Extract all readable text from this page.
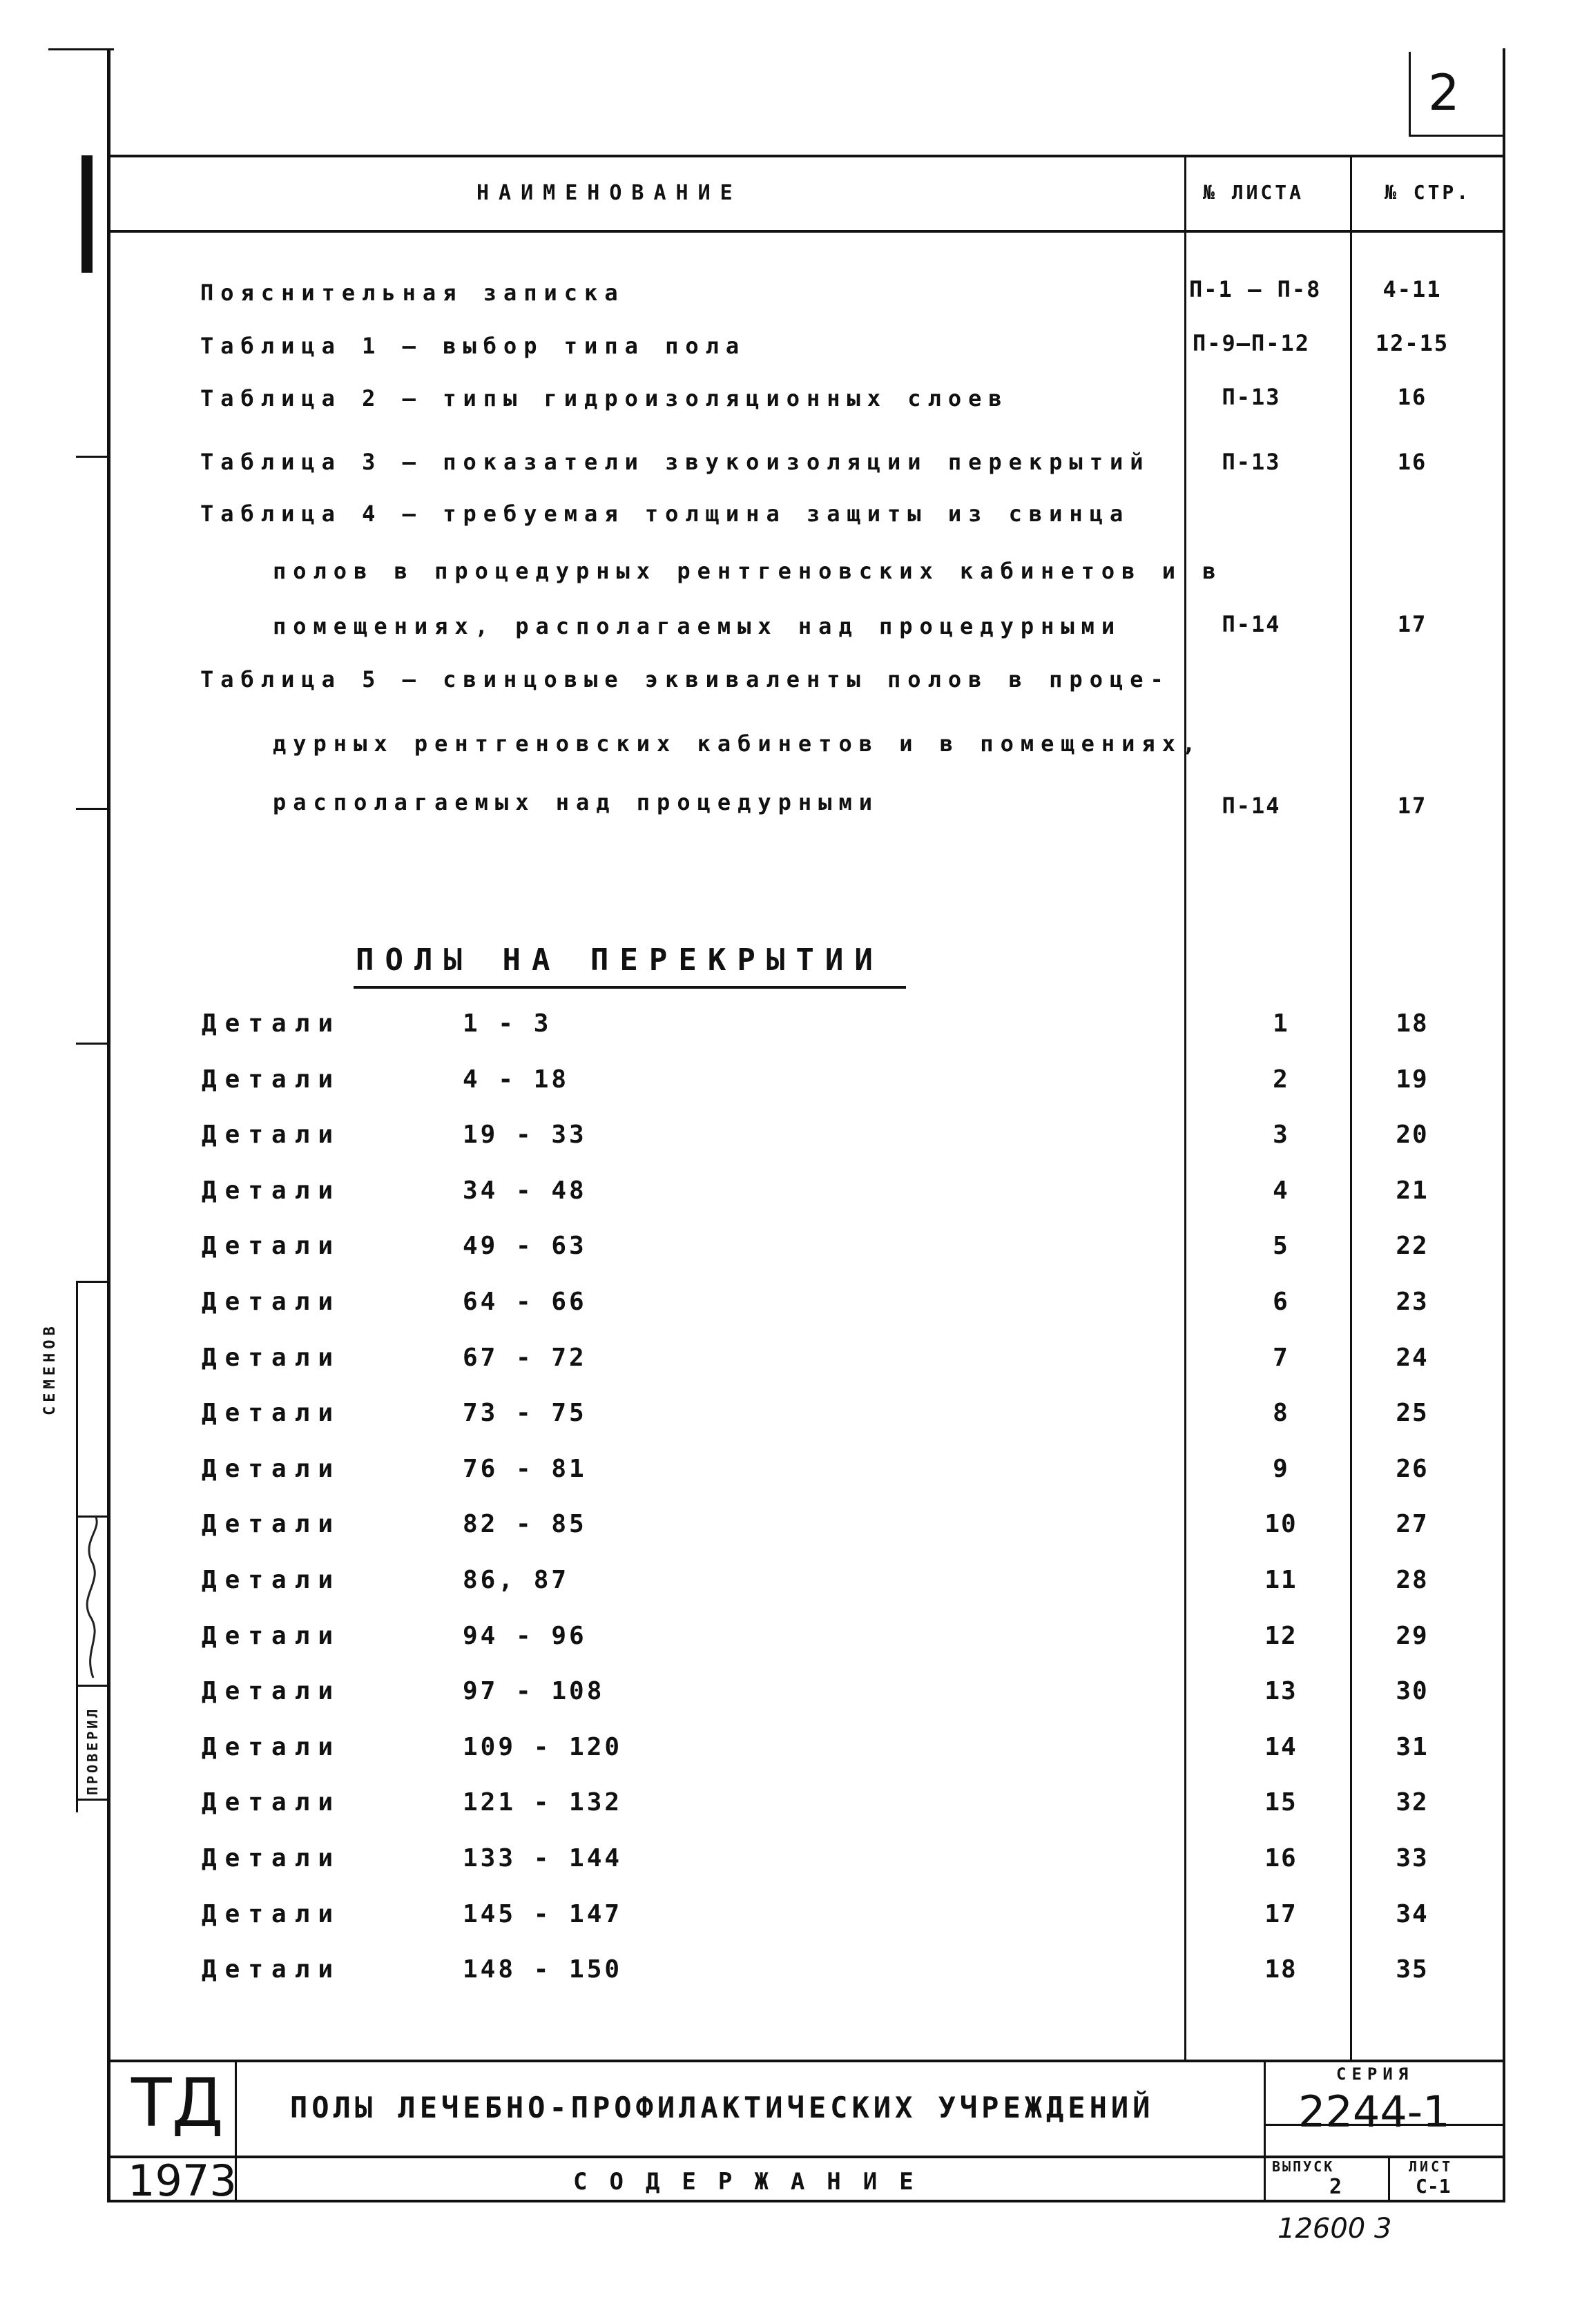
2
СЕМЕНОВ
ПРОВЕРИЛ
НАИМЕНОВАНИЕ	№ ЛИСТА	№ СТР.
Пояснительная записка	П-1 – П-8	4-11
Таблица 1 – выбор типа пола	П-9–П-12	12-15
Таблица 2 – типы гидроизоляционных слоев	П-13	16
Таблица 3 – показатели звукоизоляции перекрытий	П-13	16
Таблица 4 – требуемая толщина защиты из свинца
полов в процедурных рентгеновских кабинетов и в
помещениях, располагаемых над процедурными	П-14	17
Таблица 5 – свинцовые эквиваленты полов в проце-
дурных рентгеновских кабинетов и в помещениях,
располагаемых над процедурными	П-14	17
ПОЛЫ НА ПЕРЕКРЫТИИ
Детали	1 - 3	1	18
Детали	4 - 18	2	19
Детали	19 - 33	3	20
Детали	34 - 48	4	21
Детали	49 - 63	5	22
Детали	64 - 66	6	23
Детали	67 - 72	7	24
Детали	73 - 75	8	25
Детали	76 - 81	9	26
Детали	82 - 85	10	27
Детали	86, 87	11	28
Детали	94 - 96	12	29
Детали	97 - 108	13	30
Детали	109 - 120	14	31
Детали	121 - 132	15	32
Детали	133 - 144	16	33
Детали	145 - 147	17	34
Детали	148 - 150	18	35
ТД
1973
ПОЛЫ ЛЕЧЕБНО-ПРОФИЛАКТИЧЕСКИХ УЧРЕЖДЕНИЙ
СОДЕРЖАНИЕ
СЕРИЯ
2244-1
ВЫПУСК
2
ЛИСТ
С-1
12600 3
